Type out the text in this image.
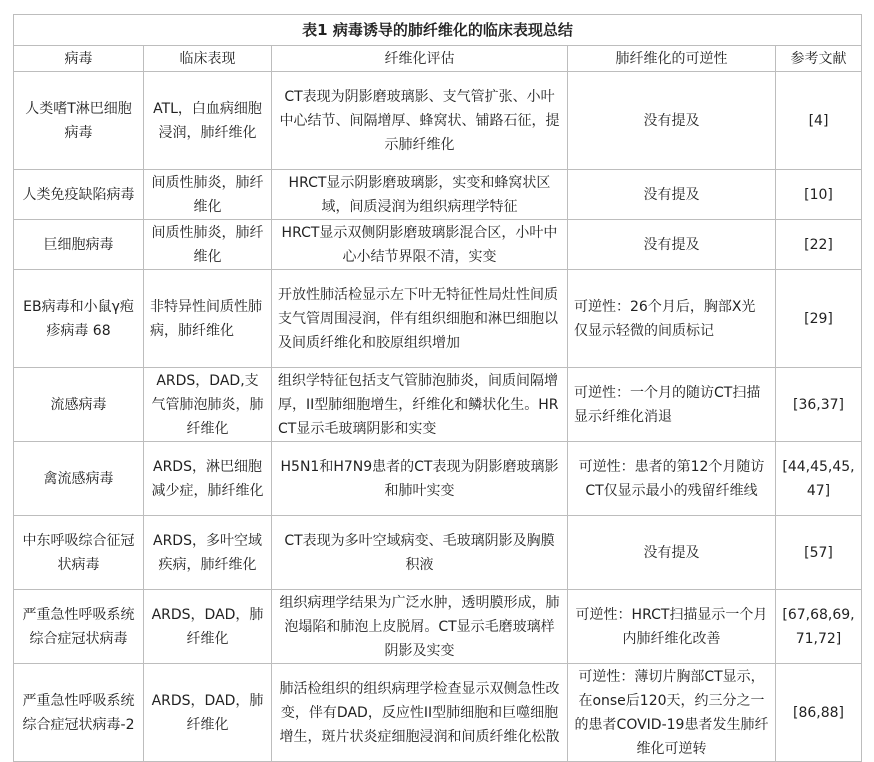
表1 病毒诱导的肺纤维化的临床表现总结				
病毒	临床表现	纤维化评估	肺纤维化的可逆性	参考文献
人类嗜T淋巴细胞病毒	ATL，白血病细胞浸润，肺纤维化	CT表现为阴影磨玻璃影、支气管扩张、小叶中心结节、间隔增厚、蜂窝状、铺路石征，提示肺纤维化	没有提及	[4]
人类免疫缺陷病毒	间质性肺炎，肺纤维化	HRCT显示阴影磨玻璃影，实变和蜂窝状区域，间质浸润为组织病理学特征	没有提及	[10]
巨细胞病毒	间质性肺炎，肺纤维化	HRCT显示双侧阴影磨玻璃影混合区，小叶中心小结节界限不清，实变	没有提及	[22]
EB病毒和小鼠γ疱疹病毒 68	非特异性间质性肺病，肺纤维化	开放性肺活检显示左下叶无特征性局灶性间质支气管周围浸润，伴有组织细胞和淋巴细胞以及间质纤维化和胶原组织增加	可逆性：26个月后，胸部X光仅显示轻微的间质标记	[29]
流感病毒	ARDS，DAD,支气管肺泡肺炎，肺纤维化	组织学特征包括支气管肺泡肺炎，间质间隔增厚，II型肺细胞增生，纤维化和鳞状化生。HRCT显示毛玻璃阴影和实变	可逆性：一个月的随访CT扫描显示纤维化消退	[36,37]
禽流感病毒	ARDS，淋巴细胞减少症，肺纤维化	H5N1和H7N9患者的CT表现为阴影磨玻璃影和肺叶实变	可逆性：患者的第12个月随访CT仅显示最小的残留纤维线	[44,45,45,47]
中东呼吸综合征冠状病毒	ARDS，多叶空域疾病，肺纤维化	CT表现为多叶空域病变、毛玻璃阴影及胸膜积液	没有提及	[57]
严重急性呼吸系统综合症冠状病毒	ARDS，DAD，肺纤维化	组织病理学结果为广泛水肿，透明膜形成，肺泡塌陷和肺泡上皮脱屑。CT显示毛磨玻璃样阴影及实变	可逆性：HRCT扫描显示一个月内肺纤维化改善	[67,68,69,71,72]
严重急性呼吸系统综合症冠状病毒-2	ARDS，DAD，肺纤维化	肺活检组织的组织病理学检查显示双侧急性改变，伴有DAD，反应性II型肺细胞和巨噬细胞增生，斑片状炎症细胞浸润和间质纤维化松散	可逆性：薄切片胸部CT显示，在onse后120天，约三分之一的患者COVID-19患者发生肺纤维化可逆转	[86,88]
